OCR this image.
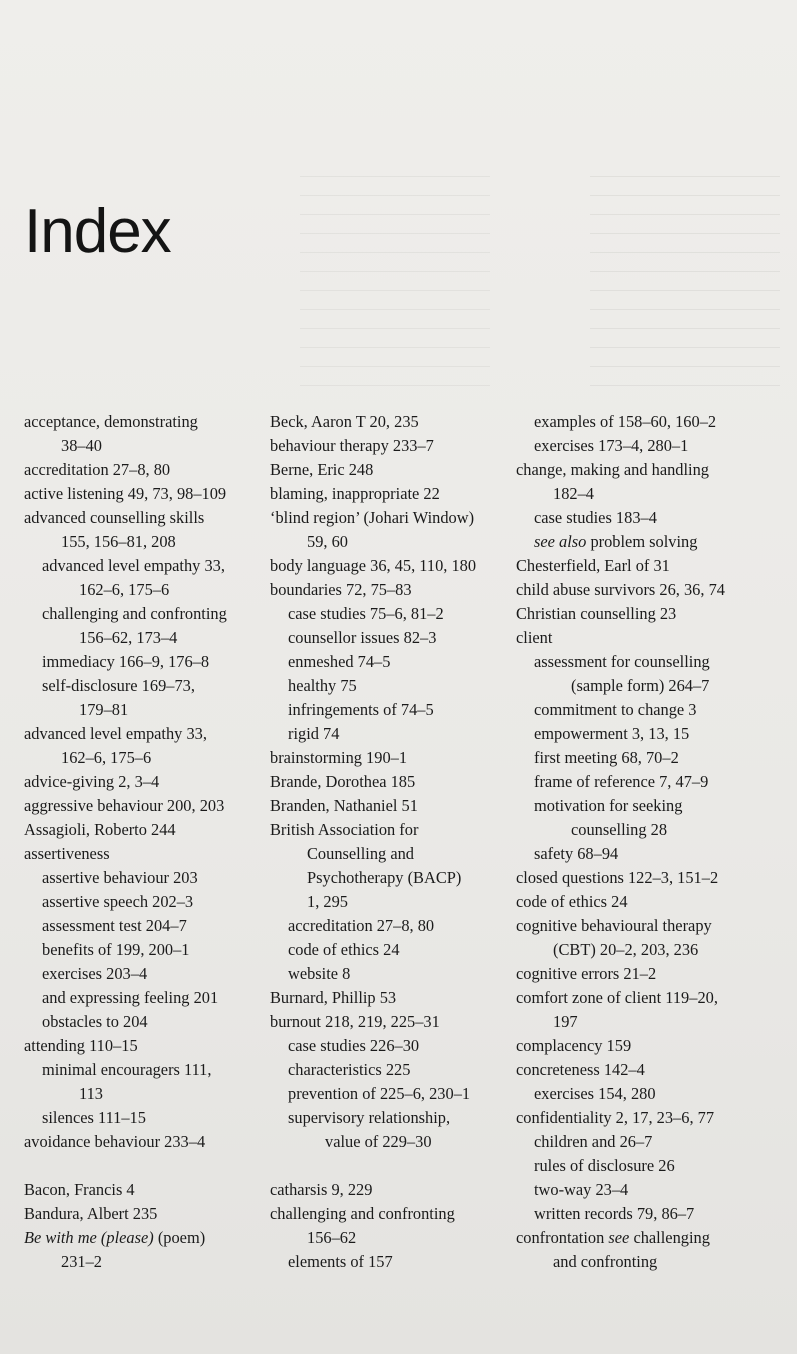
Index
acceptance, demonstrating
38–40
accreditation 27–8, 80
active listening 49, 73, 98–109
advanced counselling skills
155, 156–81, 208
advanced level empathy 33,
162–6, 175–6
challenging and confronting
156–62, 173–4
immediacy 166–9, 176–8
self-disclosure 169–73,
179–81
advanced level empathy 33,
162–6, 175–6
advice-giving 2, 3–4
aggressive behaviour 200, 203
Assagioli, Roberto 244
assertiveness
assertive behaviour 203
assertive speech 202–3
assessment test 204–7
benefits of 199, 200–1
exercises 203–4
and expressing feeling 201
obstacles to 204
attending 110–15
minimal encouragers 111,
113
silences 111–15
avoidance behaviour 233–4
Bacon, Francis 4
Bandura, Albert 235
Be with me (please) (poem)
231–2
Beck, Aaron T 20, 235
behaviour therapy 233–7
Berne, Eric 248
blaming, inappropriate 22
‘blind region’ (Johari Window)
59, 60
body language 36, 45, 110, 180
boundaries 72, 75–83
case studies 75–6, 81–2
counsellor issues 82–3
enmeshed 74–5
healthy 75
infringements of 74–5
rigid 74
brainstorming 190–1
Brande, Dorothea 185
Branden, Nathaniel 51
British Association for
Counselling and
Psychotherapy (BACP)
1, 295
accreditation 27–8, 80
code of ethics 24
website 8
Burnard, Phillip 53
burnout 218, 219, 225–31
case studies 226–30
characteristics 225
prevention of 225–6, 230–1
supervisory relationship,
value of 229–30
catharsis 9, 229
challenging and confronting
156–62
elements of 157
examples of 158–60, 160–2
exercises 173–4, 280–1
change, making and handling
182–4
case studies 183–4
see also problem solving
Chesterfield, Earl of 31
child abuse survivors 26, 36, 74
Christian counselling 23
client
assessment for counselling
(sample form) 264–7
commitment to change 3
empowerment 3, 13, 15
first meeting 68, 70–2
frame of reference 7, 47–9
motivation for seeking
counselling 28
safety 68–94
closed questions 122–3, 151–2
code of ethics 24
cognitive behavioural therapy
(CBT) 20–2, 203, 236
cognitive errors 21–2
comfort zone of client 119–20,
197
complacency 159
concreteness 142–4
exercises 154, 280
confidentiality 2, 17, 23–6, 77
children and 26–7
rules of disclosure 26
two-way 23–4
written records 79, 86–7
confrontation see challenging
and confronting
